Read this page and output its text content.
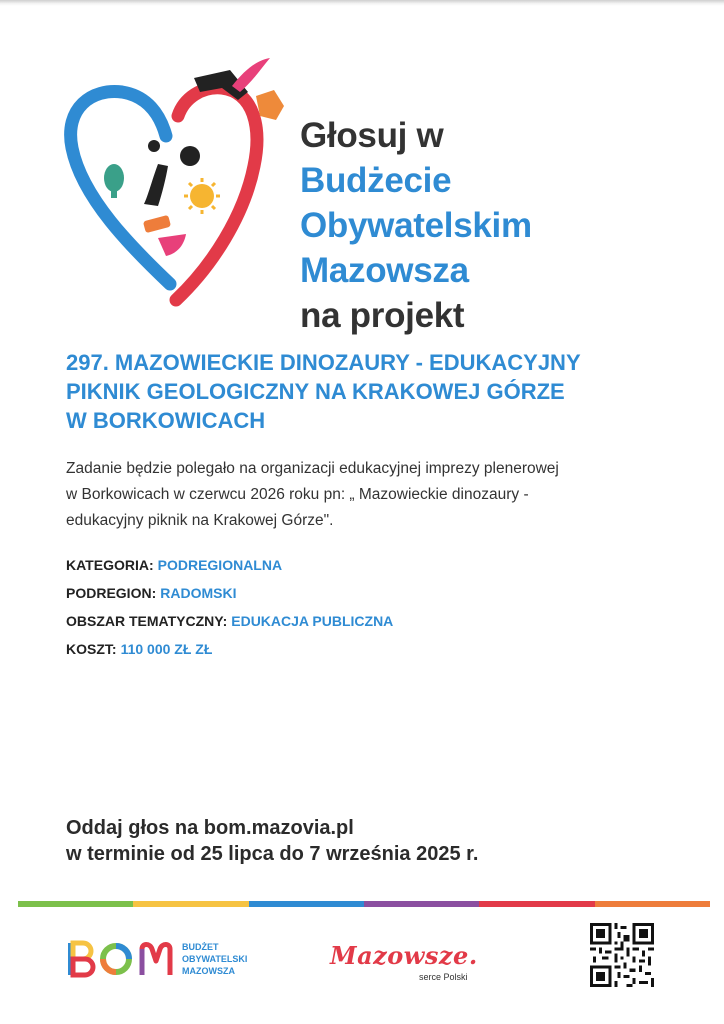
Głosuj w
Budżecie
Obywatelskim
Mazowsza
na projekt

297. MAZOWIECKIE DINOZAURY - EDUKACYJNY
PIKNIK GEOLOGICZNY NA KRAKOWEJ GÓRZE
W BORKOWICACH

Zadanie będzie polegało na organizacji edukacyjnej imprezy plenerowej
w Borkowicach w czerwcu 2026 roku pn: „ Mazowieckie dinozaury -
edukacyjny piknik na Krakowej Górze".

KATEGORIA: PODREGIONALNA
PODREGION: RADOMSKI
OBSZAR TEMATYCZNY: EDUKACJA PUBLICZNA
KOSZT: 110 000 ZŁ ZŁ

Oddaj głos na bom.mazovia.pl
w terminie od 25 lipca do 7 września 2025 r.

BUDŻET
OBYWATELSKI
MAZOWSZA
Mazowsze.
serce Polski
